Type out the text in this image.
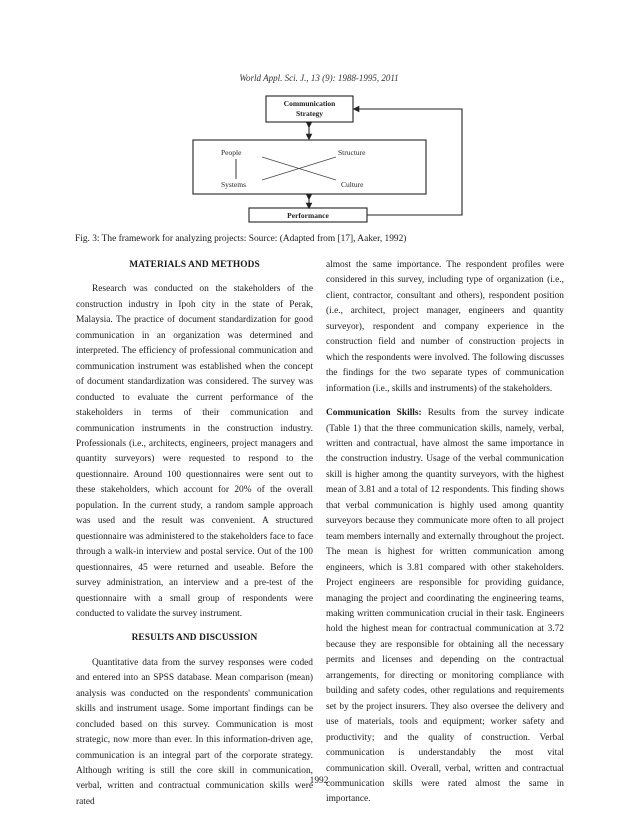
World Appl. Sci. J., 13 (9): 1988-1995, 2011
Communication
Strategy
People	Structure
Systems	Culture
Performance
Fig. 3: The framework for analyzing projects: Source: (Adapted from [17], Aaker, 1992)
MATERIALS AND METHODS

Research was conducted on the stakeholders of the construction industry in Ipoh city in the state of Perak, Malaysia. The practice of document standardization for good communication in an organization was determined and interpreted. The efficiency of professional communication and communication instrument was established when the concept of document standardization was considered. The survey was conducted to evaluate the current performance of the stakeholders in terms of their communication and communication instruments in the construction industry. Professionals (i.e., architects, engineers, project managers and quantity surveyors) were requested to respond to the questionnaire. Around 100 questionnaires were sent out to these stakeholders, which account for 20% of the overall population. In the current study, a random sample approach was used and the result was convenient. A structured questionnaire was administered to the stakeholders face to face through a walk-in interview and postal service. Out of the 100 questionnaires, 45 were returned and useable. Before the survey administration, an interview and a pre-test of the questionnaire with a small group of respondents were conducted to validate the survey instrument.

RESULTS AND DISCUSSION

Quantitative data from the survey responses were coded and entered into an SPSS database. Mean comparison (mean) analysis was conducted on the respondents' communication skills and instrument usage. Some important findings can be concluded based on this survey. Communication is most strategic, now more than ever. In this information-driven age, communication is an integral part of the corporate strategy. Although writing is still the core skill in communication, verbal, written and contractual communication skills were rated

almost the same importance. The respondent profiles were considered in this survey, including type of organization (i.e., client, contractor, consultant and others), respondent position (i.e., architect, project manager, engineers and quantity surveyor), respondent and company experience in the construction field and number of construction projects in which the respondents were involved. The following discusses the findings for the two separate types of communication information (i.e., skills and instruments) of the stakeholders.

Communication Skills: Results from the survey indicate (Table 1) that the three communication skills, namely, verbal, written and contractual, have almost the same importance in the construction industry. Usage of the verbal communication skill is higher among the quantity surveyors, with the highest mean of 3.81 and a total of 12 respondents. This finding shows that verbal communication is highly used among quantity surveyors because they communicate more often to all project team members internally and externally throughout the project. The mean is highest for written communication among engineers, which is 3.81 compared with other stakeholders. Project engineers are responsible for providing guidance, managing the project and coordinating the engineering teams, making written communication crucial in their task. Engineers hold the highest mean for contractual communication at 3.72 because they are responsible for obtaining all the necessary permits and licenses and depending on the contractual arrangements, for directing or monitoring compliance with building and safety codes, other regulations and requirements set by the project insurers. They also oversee the delivery and use of materials, tools and equipment; worker safety and productivity; and the quality of construction. Verbal communication is understandably the most vital communication skill. Overall, verbal, written and contractual communication skills were rated almost the same in importance.

1992
